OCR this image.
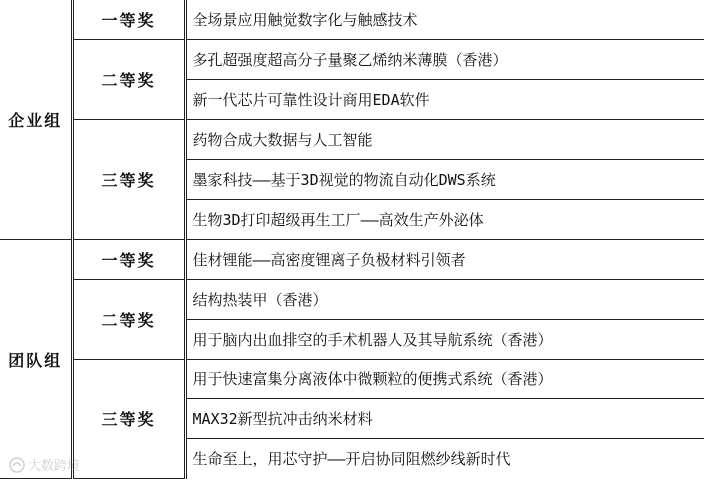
企业组	一等奖	全场景应用触觉数字化与触感技术
	二等奖	多孔超强度超高分子量聚乙烯纳米薄膜（香港）
		新一代芯片可靠性设计商用EDA软件
	三等奖	药物合成大数据与人工智能
		墨家科技——基于3D视觉的物流自动化DWS系统
		生物3D打印超级再生工厂——高效生产外泌体
团队组	一等奖	佳材锂能——高密度锂离子负极材料引领者
	二等奖	结构热装甲（香港）
		用于脑内出血排空的手术机器人及其导航系统（香港）
	三等奖	用于快速富集分离液体中微颗粒的便携式系统（香港）
		MAX32新型抗冲击纳米材料
		生命至上，用芯守护——开启协同阻燃纱线新时代
大数跨境
